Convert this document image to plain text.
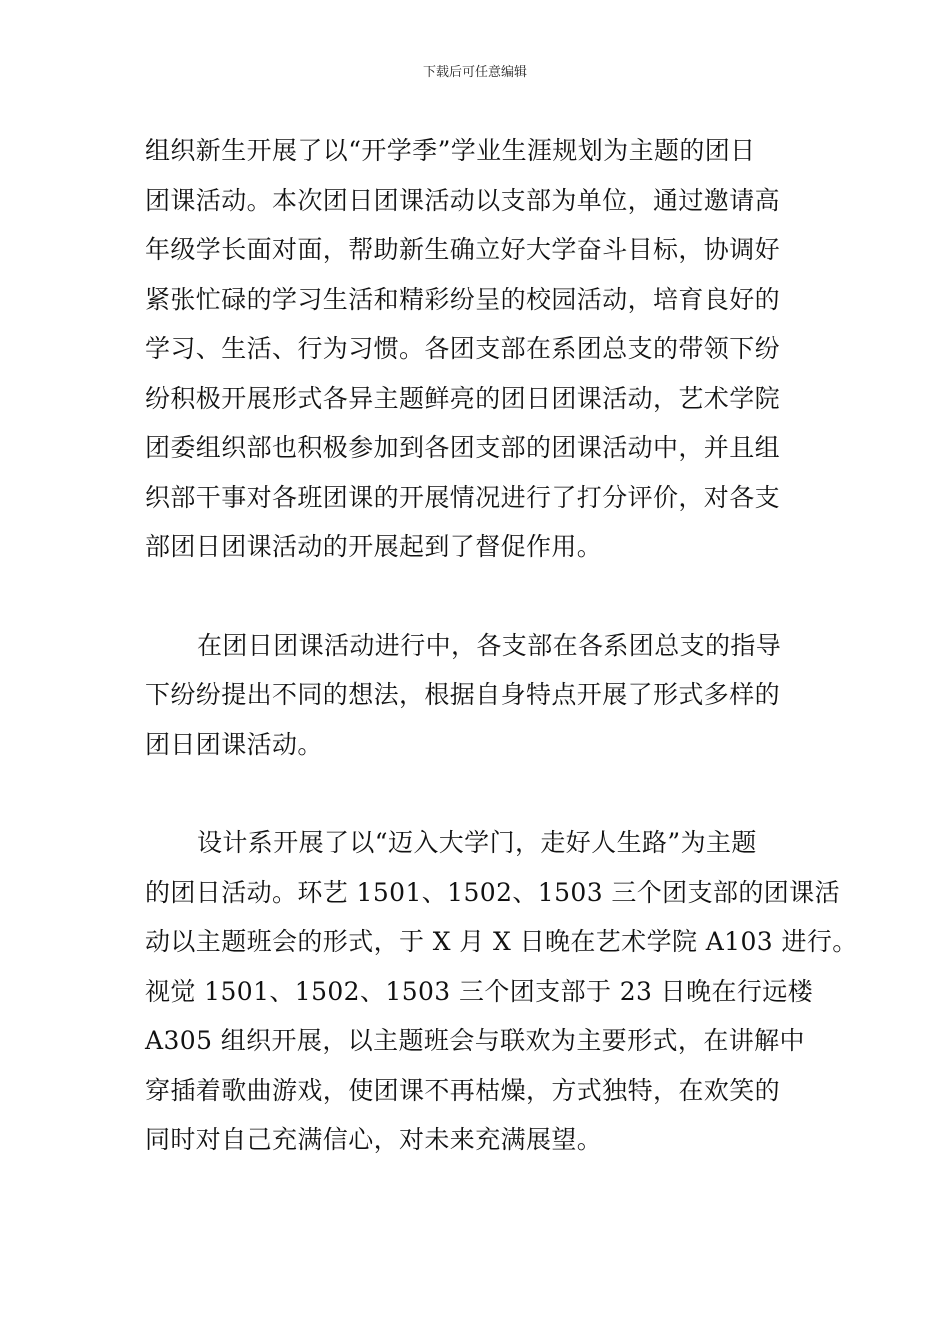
下载后可任意编辑

组织新生开展了以“开学季”学业生涯规划为主题的团日
团课活动。本次团日团课活动以支部为单位，通过邀请高
年级学长面对面，帮助新生确立好大学奋斗目标，协调好
紧张忙碌的学习生活和精彩纷呈的校园活动，培育良好的
学习、生活、行为习惯。各团支部在系团总支的带领下纷
纷积极开展形式各异主题鲜亮的团日团课活动，艺术学院
团委组织部也积极参加到各团支部的团课活动中，并且组
织部干事对各班团课的开展情况进行了打分评价，对各支
部团日团课活动的开展起到了督促作用。

在团日团课活动进行中，各支部在各系团总支的指导
下纷纷提出不同的想法，根据自身特点开展了形式多样的
团日团课活动。

设计系开展了以“迈入大学门，走好人生路”为主题
的团日活动。环艺 1501、1502、1503 三个团支部的团课活
动以主题班会的形式，于 X 月 X 日晚在艺术学院 A103 进行。
视觉 1501、1502、1503 三个团支部于 23 日晚在行远楼
A305 组织开展，以主题班会与联欢为主要形式，在讲解中
穿插着歌曲游戏，使团课不再枯燥，方式独特，在欢笑的
同时对自己充满信心，对未来充满展望。
